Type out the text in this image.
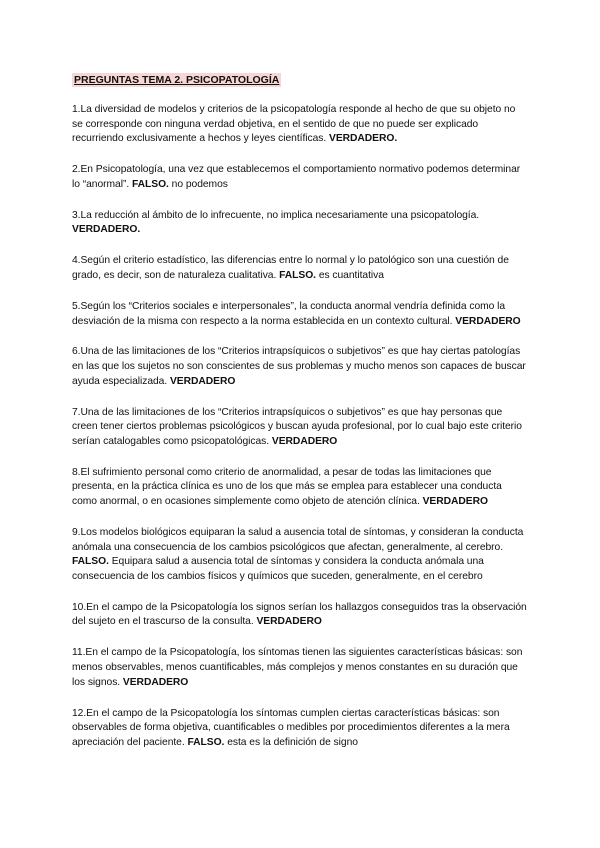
PREGUNTAS TEMA 2. PSICOPATOLOGÍA

1.La diversidad de modelos y criterios de la psicopatología responde al hecho de que su objeto no se corresponde con ninguna verdad objetiva, en el sentido de que no puede ser explicado recurriendo exclusivamente a hechos y leyes científicas. VERDADERO.

2.En Psicopatología, una vez que establecemos el comportamiento normativo podemos determinar lo “anormal”. FALSO. no podemos

3.La reducción al ámbito de lo infrecuente, no implica necesariamente una psicopatología. VERDADERO.

4.Según el criterio estadístico, las diferencias entre lo normal y lo patológico son una cuestión de grado, es decir, son de naturaleza cualitativa. FALSO. es cuantitativa

5.Según los “Criterios sociales e interpersonales”, la conducta anormal vendría definida como la desviación de la misma con respecto a la norma establecida en un contexto cultural. VERDADERO

6.Una de las limitaciones de los “Criterios intrapsíquicos o subjetivos” es que hay ciertas patologías en las que los sujetos no son conscientes de sus problemas y mucho menos son capaces de buscar ayuda especializada. VERDADERO

7.Una de las limitaciones de los “Criterios intrapsíquicos o subjetivos” es que hay personas que creen tener ciertos problemas psicológicos y buscan ayuda profesional, por lo cual bajo este criterio serían catalogables como psicopatológicas. VERDADERO

8.El sufrimiento personal como criterio de anormalidad, a pesar de todas las limitaciones que presenta, en la práctica clínica es uno de los que más se emplea para establecer una conducta como anormal, o en ocasiones simplemente como objeto de atención clínica. VERDADERO

9.Los modelos biológicos equiparan la salud a ausencia total de síntomas, y consideran la conducta anómala una consecuencia de los cambios psicológicos que afectan, generalmente, al cerebro. FALSO. Equipara salud a ausencia total de síntomas y considera la conducta anómala una consecuencia de los cambios físicos y químicos que suceden, generalmente, en el cerebro

10.En el campo de la Psicopatología los signos serían los hallazgos conseguidos tras la observación del sujeto en el trascurso de la consulta. VERDADERO

11.En el campo de la Psicopatología, los síntomas tienen las siguientes características básicas: son menos observables, menos cuantificables, más complejos y menos constantes en su duración que los signos. VERDADERO

12.En el campo de la Psicopatología los síntomas cumplen ciertas características básicas: son observables de forma objetiva, cuantificables o medibles por procedimientos diferentes a la mera apreciación del paciente. FALSO. esta es la definición de signo
